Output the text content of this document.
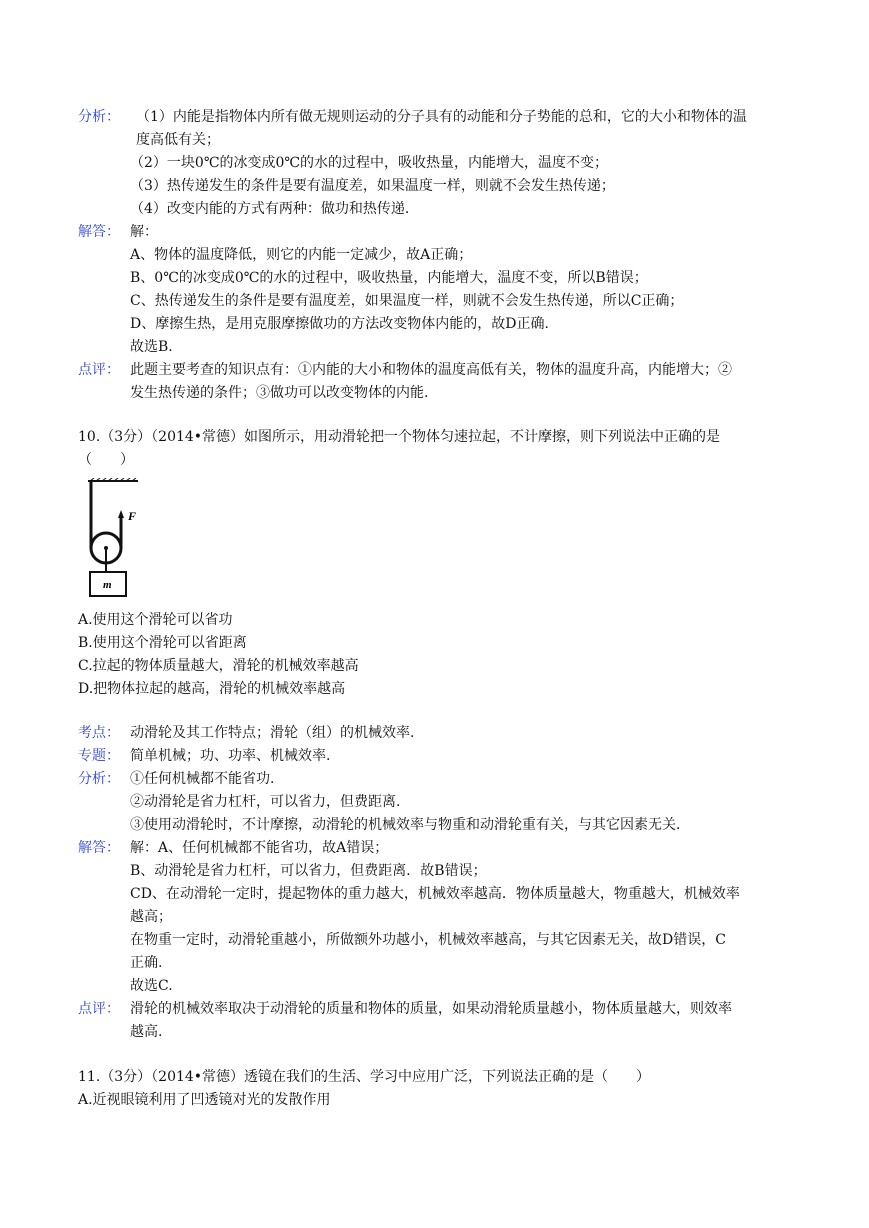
分析： （1）内能是指物体内所有做无规则运动的分子具有的动能和分子势能的总和，它的大小和物体的温
度高低有关；
（2）一块0℃的冰变成0℃的水的过程中，吸收热量，内能增大，温度不变；
（3）热传递发生的条件是要有温度差，如果温度一样，则就不会发生热传递；
（4）改变内能的方式有两种：做功和热传递.
解答： 解：
A、物体的温度降低，则它的内能一定减少，故A正确；
B、0℃的冰变成0℃的水的过程中，吸收热量，内能增大，温度不变，所以B错误；
C、热传递发生的条件是要有温度差，如果温度一样，则就不会发生热传递，所以C正确；
D、摩擦生热，是用克服摩擦做功的方法改变物体内能的，故D正确.
故选B.
点评： 此题主要考查的知识点有：①内能的大小和物体的温度高低有关，物体的温度升高，内能增大；②
发生热传递的条件；③做功可以改变物体的内能.
10.（3分）（2014•常德）如图所示，用动滑轮把一个物体匀速拉起，不计摩擦，则下列说法中正确的是
（　　）
F
m
A.使用这个滑轮可以省功
B.使用这个滑轮可以省距离
C.拉起的物体质量越大，滑轮的机械效率越高
D.把物体拉起的越高，滑轮的机械效率越高
考点： 动滑轮及其工作特点；滑轮（组）的机械效率.
专题： 简单机械；功、功率、机械效率.
分析： ①任何机械都不能省功.
②动滑轮是省力杠杆，可以省力，但费距离.
③使用动滑轮时，不计摩擦，动滑轮的机械效率与物重和动滑轮重有关，与其它因素无关.
解答： 解：A、任何机械都不能省功，故A错误；
B、动滑轮是省力杠杆，可以省力，但费距离．故B错误；
CD、在动滑轮一定时，提起物体的重力越大，机械效率越高．物体质量越大，物重越大，机械效率
越高；
在物重一定时，动滑轮重越小，所做额外功越小，机械效率越高，与其它因素无关，故D错误，C
正确.
故选C.
点评： 滑轮的机械效率取决于动滑轮的质量和物体的质量，如果动滑轮质量越小，物体质量越大，则效率
越高.
11.（3分）（2014•常德）透镜在我们的生活、学习中应用广泛，下列说法正确的是（　　）
A.近视眼镜利用了凹透镜对光的发散作用
